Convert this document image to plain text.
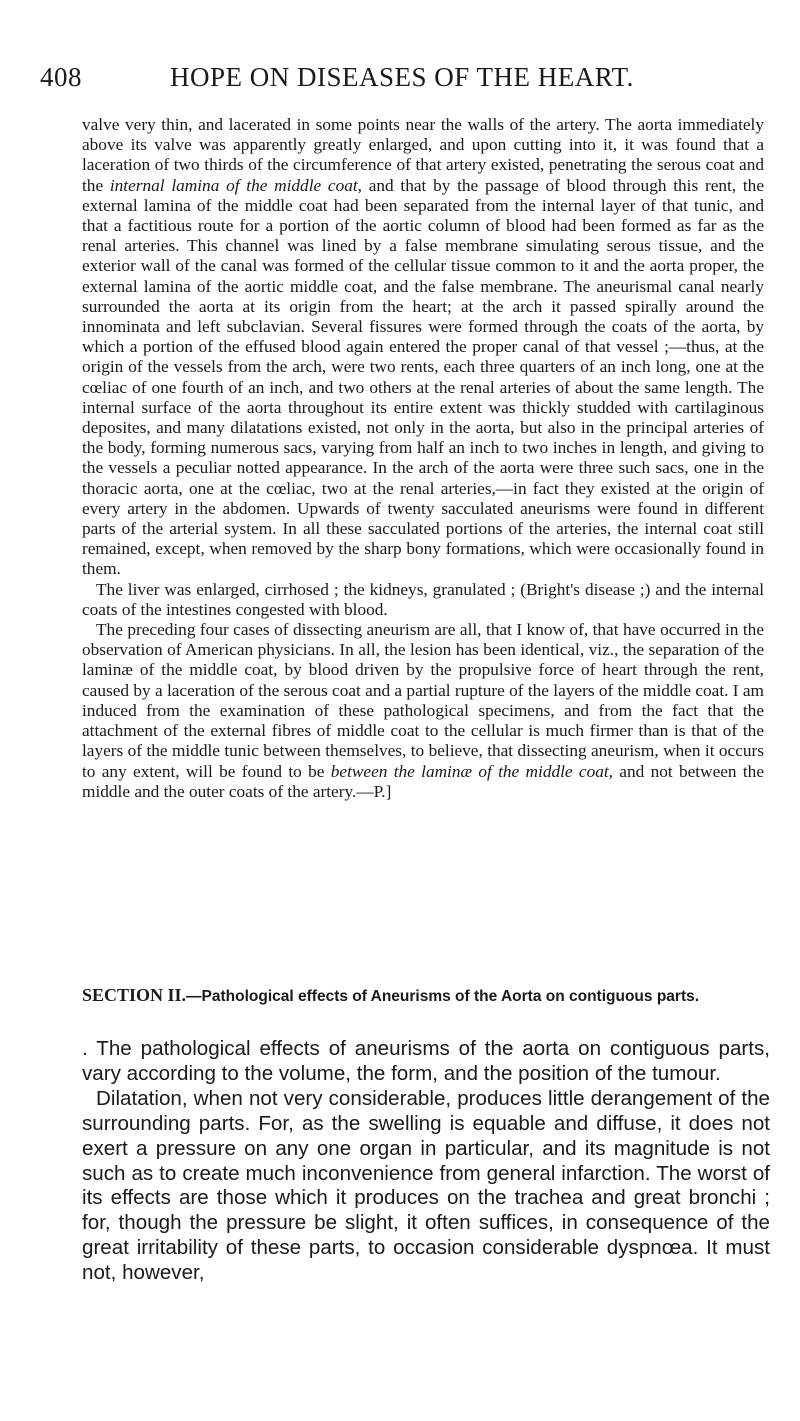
408	HOPE ON DISEASES OF THE HEART.

valve very thin, and lacerated in some points near the walls of the artery. The aorta immediately above its valve was apparently greatly enlarged, and upon cutting into it, it was found that a laceration of two thirds of the circumference of that artery existed, penetrating the serous coat and the internal lamina of the middle coat, and that by the passage of blood through this rent, the external lamina of the middle coat had been separated from the internal layer of that tunic, and that a factitious route for a portion of the aortic column of blood had been formed as far as the renal arteries. This channel was lined by a false membrane simulating serous tissue, and the exterior wall of the canal was formed of the cellular tissue common to it and the aorta proper, the external lamina of the aortic middle coat, and the false membrane. The aneurismal canal nearly surrounded the aorta at its origin from the heart; at the arch it passed spirally around the innominata and left subclavian. Several fissures were formed through the coats of the aorta, by which a portion of the effused blood again entered the proper canal of that vessel ;—thus, at the origin of the vessels from the arch, were two rents, each three quarters of an inch long, one at the cœliac of one fourth of an inch, and two others at the renal arteries of about the same length. The internal surface of the aorta throughout its entire extent was thickly studded with cartilaginous deposites, and many dilatations existed, not only in the aorta, but also in the principal arteries of the body, forming numerous sacs, varying from half an inch to two inches in length, and giving to the vessels a peculiar notted appearance. In the arch of the aorta were three such sacs, one in the thoracic aorta, one at the cœliac, two at the renal arteries,—in fact they existed at the origin of every artery in the abdomen. Upwards of twenty sacculated aneurisms were found in different parts of the arterial system. In all these sacculated portions of the arteries, the internal coat still remained, except, when removed by the sharp bony formations, which were occasionally found in them.

The liver was enlarged, cirrhosed ; the kidneys, granulated ; (Bright's disease ;) and the internal coats of the intestines congested with blood.

The preceding four cases of dissecting aneurism are all, that I know of, that have occurred in the observation of American physicians. In all, the lesion has been identical, viz., the separation of the laminæ of the middle coat, by blood driven by the propulsive force of heart through the rent, caused by a laceration of the serous coat and a partial rupture of the layers of the middle coat. I am induced from the examination of these pathological specimens, and from the fact that the attachment of the external fibres of middle coat to the cellular is much firmer than is that of the layers of the middle tunic between themselves, to believe, that dissecting aneurism, when it occurs to any extent, will be found to be between the laminæ of the middle coat, and not between the middle and the outer coats of the artery.—P.]

SECTION II.—Pathological effects of Aneurisms of the Aorta on contiguous parts.

. The pathological effects of aneurisms of the aorta on contiguous parts, vary according to the volume, the form, and the position of the tumour.

Dilatation, when not very considerable, produces little derangement of the surrounding parts. For, as the swelling is equable and diffuse, it does not exert a pressure on any one organ in particular, and its magnitude is not such as to create much inconvenience from general infarction. The worst of its effects are those which it produces on the trachea and great bronchi ; for, though the pressure be slight, it often suffices, in consequence of the great irritability of these parts, to occasion considerable dyspnœa. It must not, however,
